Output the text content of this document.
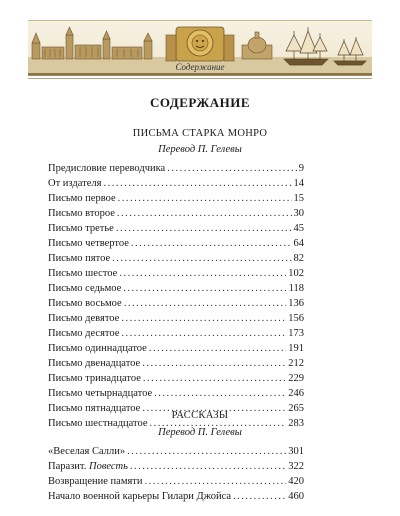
Содержание
СОДЕРЖАНИЕ
ПИСЬМА СТАРКА МОНРО
Перевод П. Гелевы
Предисловие переводчика .....	9
От издателя .....	14
Письмо первое .....	15
Письмо второе .....	30
Письмо третье .....	45
Письмо четвертое .....	64
Письмо пятое .....	82
Письмо шестое .....	102
Письмо седьмое .....	118
Письмо восьмое .....	136
Письмо девятое .....	156
Письмо десятое .....	173
Письмо одиннадцатое .....	191
Письмо двенадцатое .....	212
Письмо тринадцатое .....	229
Письмо четырнадцатое .....	246
Письмо пятнадцатое .....	265
Письмо шестнадцатое .....	283
РАССКАЗЫ
Перевод П. Гелевы
«Веселая Салли» .....	301
Паразит. Повесть .....	322
Возвращение памяти .....	420
Начало военной карьеры Гилари Джойса .....	460
